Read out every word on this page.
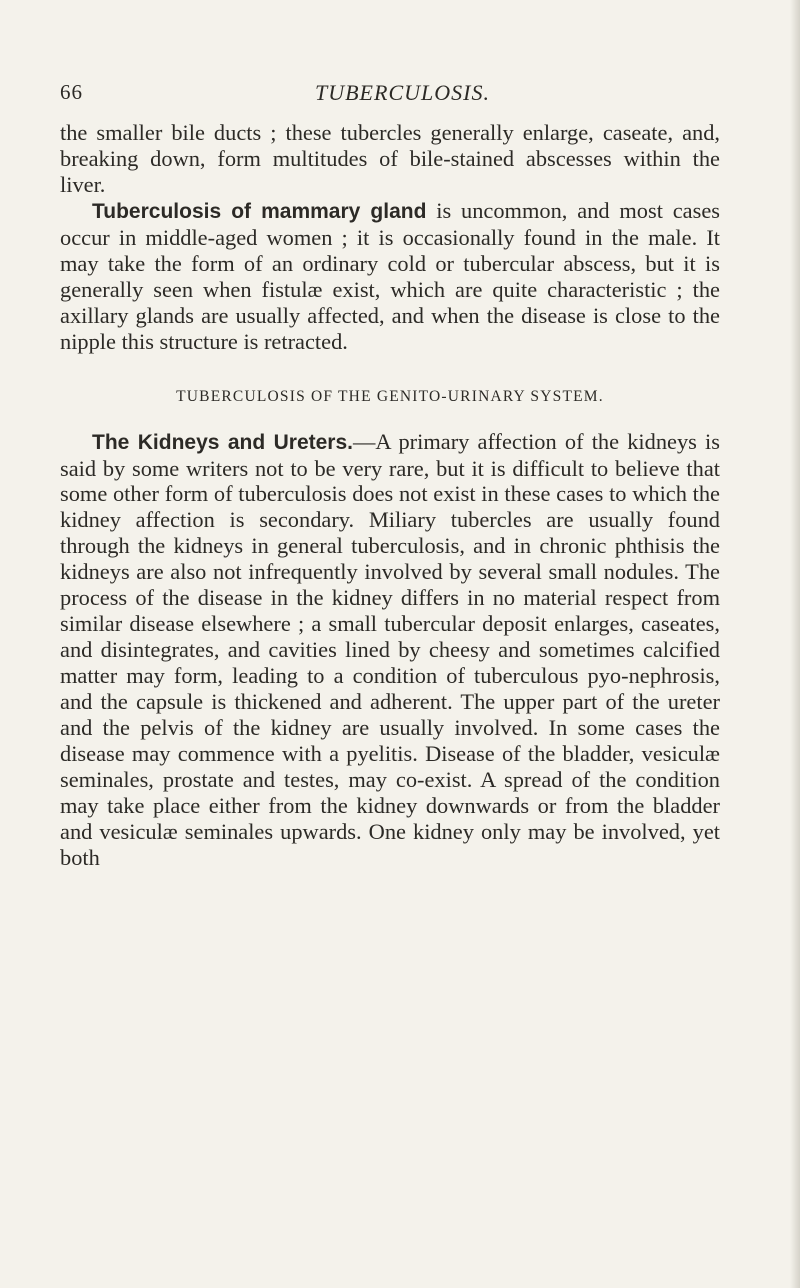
66	TUBERCULOSIS.

the smaller bile ducts ; these tubercles generally enlarge, caseate, and, breaking down, form multitudes of bile-stained abscesses within the liver.

Tuberculosis of mammary gland is uncommon, and most cases occur in middle-aged women ; it is occasionally found in the male. It may take the form of an ordinary cold or tubercular abscess, but it is generally seen when fistulæ exist, which are quite characteristic ; the axillary glands are usually affected, and when the disease is close to the nipple this structure is retracted.

TUBERCULOSIS OF THE GENITO-URINARY SYSTEM.

The Kidneys and Ureters.—A primary affection of the kidneys is said by some writers not to be very rare, but it is difficult to believe that some other form of tuberculosis does not exist in these cases to which the kidney affection is secondary. Miliary tubercles are usually found through the kidneys in general tuberculosis, and in chronic phthisis the kidneys are also not infrequently involved by several small nodules. The process of the disease in the kidney differs in no material respect from similar disease elsewhere ; a small tubercular deposit enlarges, caseates, and disintegrates, and cavities lined by cheesy and sometimes calcified matter may form, leading to a condition of tuberculous pyo-nephrosis, and the capsule is thickened and adherent. The upper part of the ureter and the pelvis of the kidney are usually involved. In some cases the disease may commence with a pyelitis. Disease of the bladder, vesiculæ seminales, prostate and testes, may co-exist. A spread of the condition may take place either from the kidney downwards or from the bladder and vesiculæ seminales upwards. One kidney only may be involved, yet both
